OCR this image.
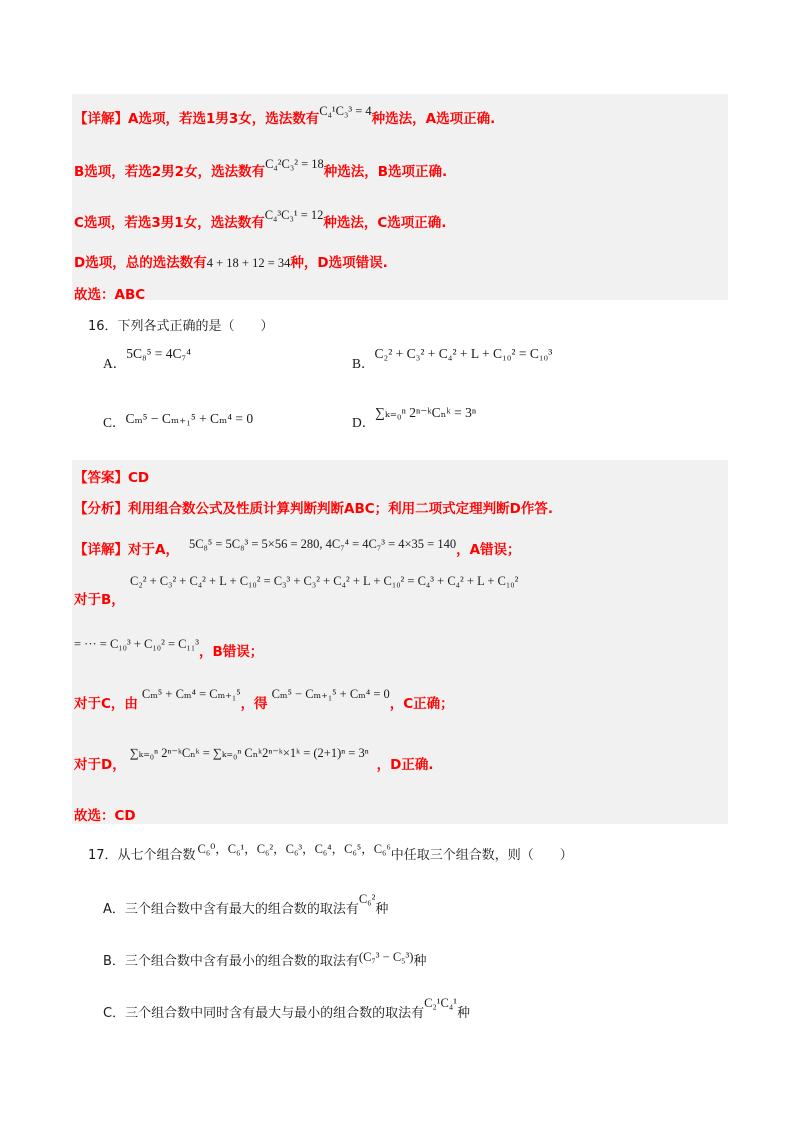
【详解】A选项，若选1男3女，选法数有C₄¹C₃³ = 4种选法，A选项正确.
B选项，若选2男2女，选法数有C₄²C₃² = 18种选法，B选项正确.
C选项，若选3男1女，选法数有C₄³C₃¹ = 12种选法，C选项正确.
D选项，总的选法数有4 + 18 + 12 = 34种，D选项错误.
故选：ABC
16．下列各式正确的是（　　）
A．5C₈⁵ = 4C₇⁴
B．C₂² + C₃² + C₄² + L + C₁₀² = C₁₀³
C．Cₘ⁵ − Cₘ₊₁⁵ + Cₘ⁴ = 0	D．∑ₖ₌₀ⁿ 2ⁿ⁻ᵏCₙᵏ = 3ⁿ
【答案】CD
【分析】利用组合数公式及性质计算判断判断ABC；利用二项式定理判断D作答.
【详解】对于A， 5C₈⁵ = 5C₈³ = 5×56 = 280, 4C₇⁴ = 4C₇³ = 4×35 = 140，A错误；
对于B，
C₂² + C₃² + C₄² + L + C₁₀² = C₃³ + C₃² + C₄² + L + C₁₀² = C₄³ + C₄² + L + C₁₀²
= ··· = C₁₀³ + C₁₀² = C₁₁³，B错误；
对于C，由Cₘ⁵ + Cₘ⁴ = Cₘ₊₁⁵，得Cₘ⁵ − Cₘ₊₁⁵ + Cₘ⁴ = 0，C正确；
对于D，∑ₖ₌₀ⁿ 2ⁿ⁻ᵏCₙᵏ = ∑ₖ₌₀ⁿ Cₙᵏ2ⁿ⁻ᵏ×1ᵏ = (2+1)ⁿ = 3ⁿ，D正确.
故选：CD
17．从七个组合数 C₆⁰，C₆¹，C₆²，C₆³，C₆⁴，C₆⁵，C₆⁶中任取三个组合数，则（　　）
A．三个组合数中含有最大的组合数的取法有C₆²种
B．三个组合数中含有最小的组合数的取法有(C₇³ − C₅³)种
C．三个组合数中同时含有最大与最小的组合数的取法有C₂¹C₄¹种
